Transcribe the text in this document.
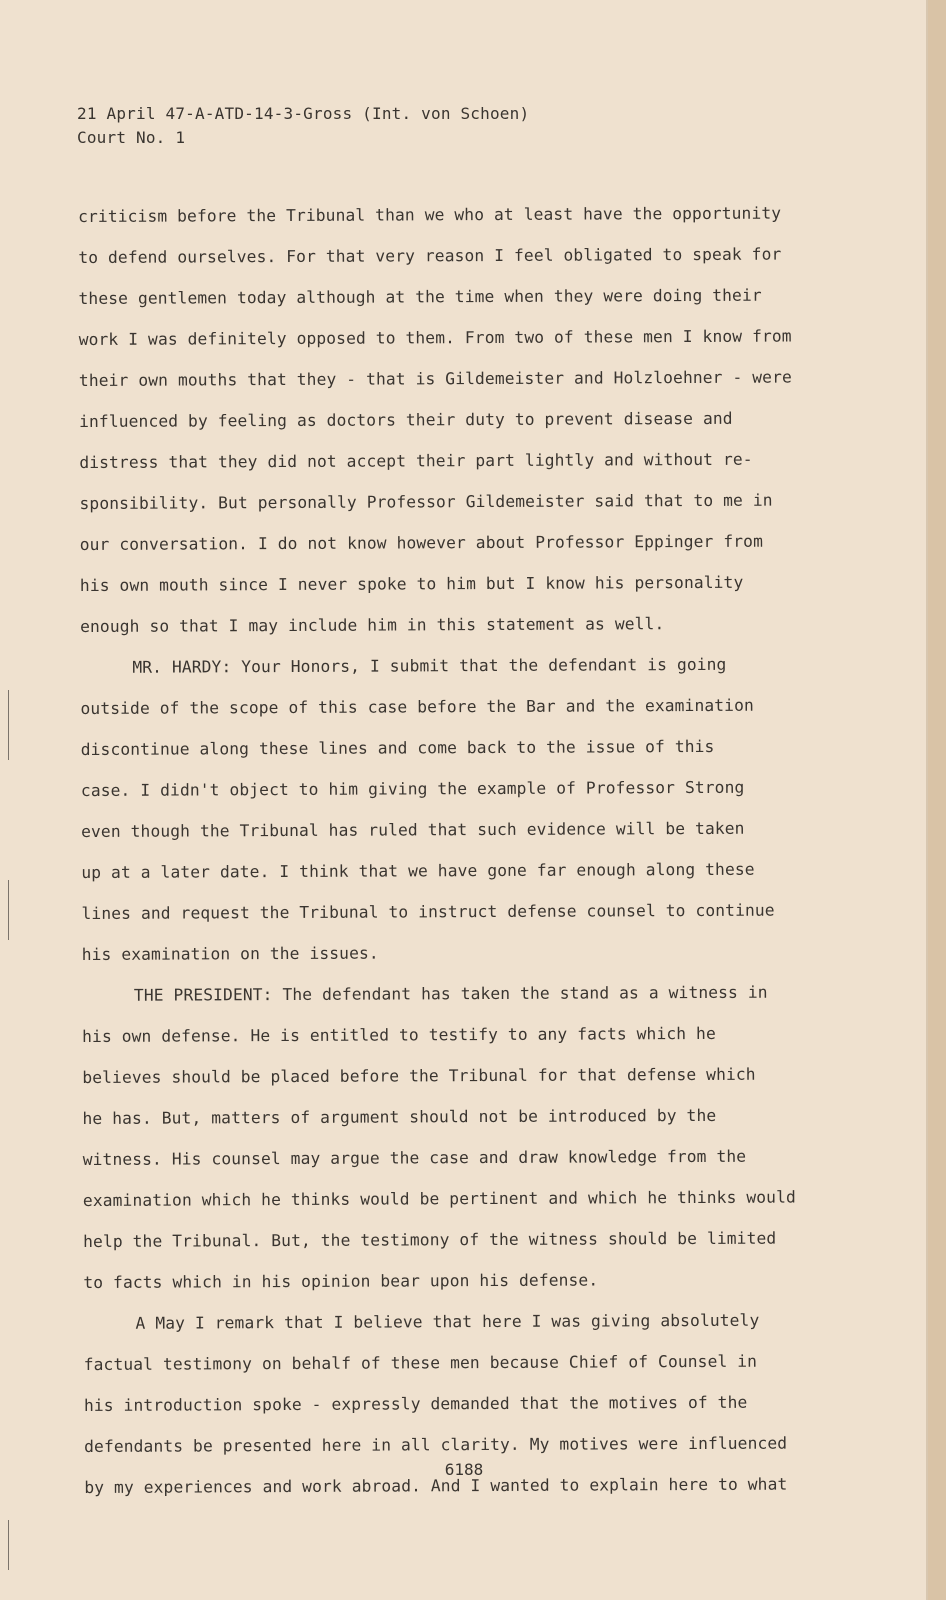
21 April 47-A-ATD-14-3-Gross (Int. von Schoen)
Court No. 1
criticism before the Tribunal than we who at least have the opportunity
to defend ourselves. For that very reason I feel obligated to speak for
these gentlemen today although at the time when they were doing their
work I was definitely opposed to them. From two of these men I know from
their own mouths that they - that is Gildemeister and Holzloehner - were
influenced by feeling as doctors their duty to prevent disease and
distress that they did not accept their part lightly and without re-
sponsibility. But personally Professor Gildemeister said that to me in
our conversation. I do not know however about Professor Eppinger from
his own mouth since I never spoke to him but I know his personality
enough so that I may include him in this statement as well.
MR. HARDY: Your Honors, I submit that the defendant is going
outside of the scope of this case before the Bar and the examination
discontinue along these lines and come back to the issue of this
case. I didn't object to him giving the example of Professor Strong
even though the Tribunal has ruled that such evidence will be taken
up at a later date. I think that we have gone far enough along these
lines and request the Tribunal to instruct defense counsel to continue
his examination on the issues.
THE PRESIDENT: The defendant has taken the stand as a witness in
his own defense. He is entitled to testify to any facts which he
believes should be placed before the Tribunal for that defense which
he has. But, matters of argument should not be introduced by the
witness. His counsel may argue the case and draw knowledge from the
examination which he thinks would be pertinent and which he thinks would
help the Tribunal. But, the testimony of the witness should be limited
to facts which in his opinion bear upon his defense.
A May I remark that I believe that here I was giving absolutely
factual testimony on behalf of these men because Chief of Counsel in
his introduction spoke - expressly demanded that the motives of the
defendants be presented here in all clarity. My motives were influenced
by my experiences and work abroad. And I wanted to explain here to what
6188
